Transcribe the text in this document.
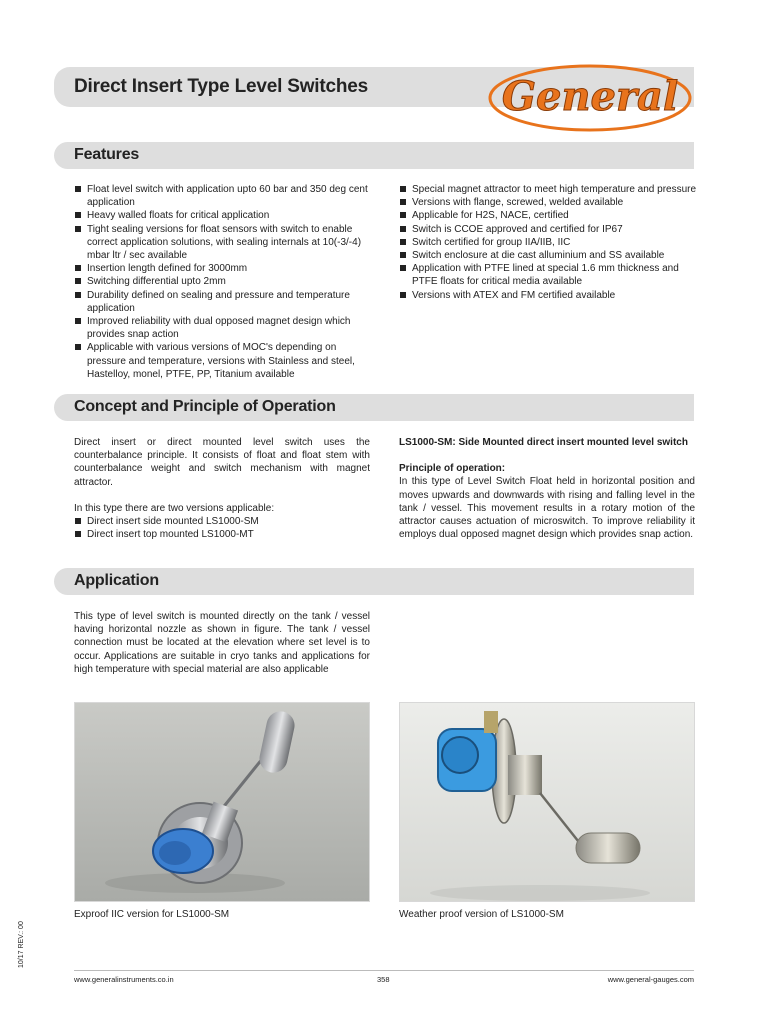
Direct Insert Type Level Switches	General
Features
Float level switch with application upto 60 bar and 350 deg cent application
Heavy walled floats for critical application
Tight sealing versions for float sensors with switch to enable correct application solutions, with sealing internals at 10(-3/-4) mbar ltr / sec available
Insertion length defined for 3000mm
Switching differential upto 2mm
Durability defined on sealing and pressure and temperature application
Improved reliability with dual opposed magnet design which provides snap action
Applicable with various versions of MOC's depending on pressure and temperature, versions with Stainless and steel, Hastelloy, monel, PTFE, PP, Titanium available
Special magnet attractor to meet high temperature and pressure
Versions with flange, screwed, welded available
Applicable for H2S, NACE, certified
Switch is CCOE approved and certified for IP67
Switch certified for group IIA/IIB, IIC
Switch enclosure at die cast alluminium and SS available
Application with PTFE lined at special 1.6 mm thickness and PTFE floats for critical media available
Versions with ATEX and FM certified available
Concept and Principle of Operation

Direct insert or direct mounted level switch uses the counterbalance principle. It consists of float and float stem with counterbalance weight and switch mechanism with magnet attractor.

In this type there are two versions applicable:

Direct insert side mounted LS1000-SM
Direct insert top mounted LS1000-MT

LS1000-SM: Side Mounted direct insert mounted level switch

Principle of operation:

In this type of Level Switch Float held in horizontal position and moves upwards and downwards with rising and falling level in the tank / vessel. This movement results in a rotary motion of the attractor causes actuation of microswitch. To improve reliability it employs dual opposed magnet design which provides snap action.

Application

This type of level switch is mounted directly on the tank / vessel having horizontal nozzle as shown in figure. The tank / vessel connection must be located at the elevation where set level is to occur. Applications are suitable in cryo tanks and applications for high temperature with special material are also applicable

Exproof IIC version for LS1000-SM	Weather proof version of LS1000-SM
10/17 REV.: 00
www.generalinstruments.co.in	358	www.general-gauges.com
